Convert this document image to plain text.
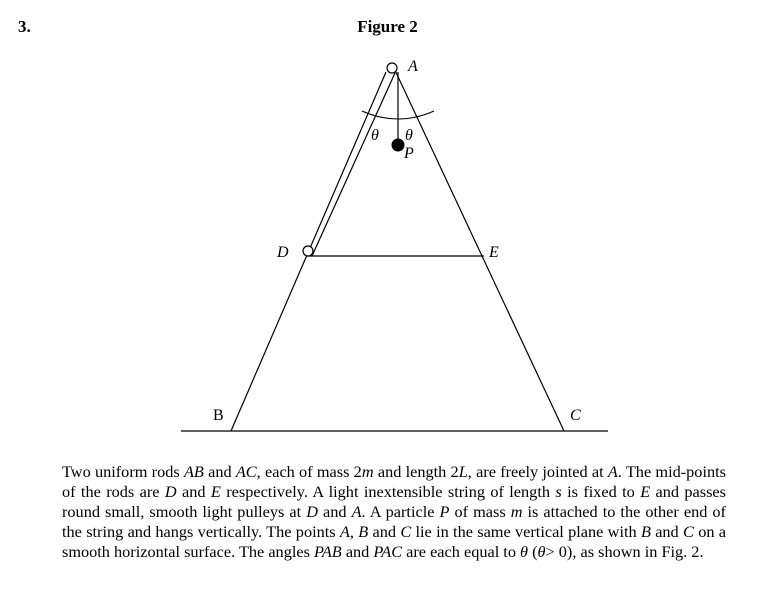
3.	Figure 2
A
θ θ
P
D	E
B	C
Two uniform rods AB and AC, each of mass 2m and length 2L, are freely jointed at A. The mid-points of the rods are D and E respectively. A light inextensible string of length s is fixed to E and passes round small, smooth light pulleys at D and A. A particle P of mass m is attached to the other end of the string and hangs vertically. The points A, B and C lie in the same vertical plane with B and C on a smooth horizontal surface. The angles PAB and PAC are each equal to θ (θ> 0), as shown in Fig. 2.
